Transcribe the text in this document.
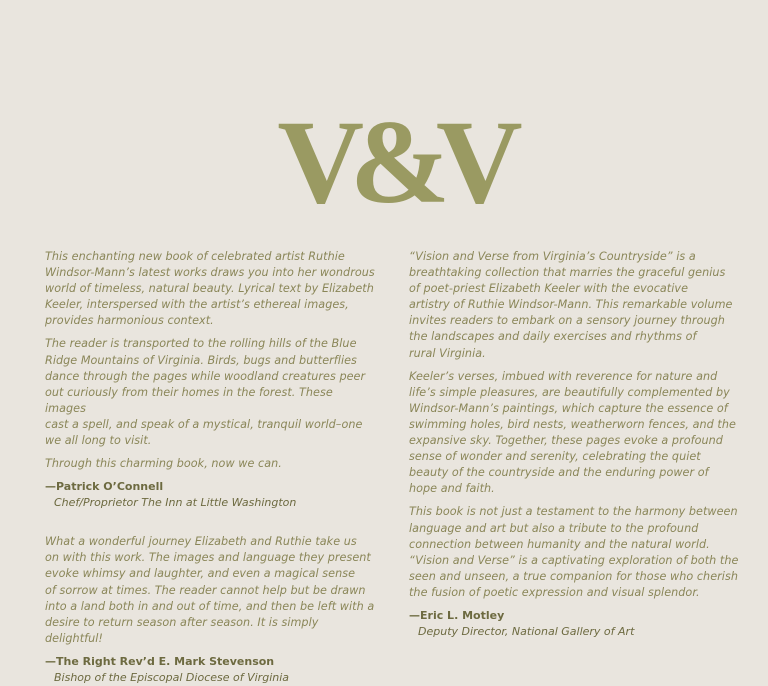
V&V

This enchanting new book of celebrated artist Ruthie
Windsor-Mann’s latest works draws you into her wondrous
world of timeless, natural beauty. Lyrical text by Elizabeth
Keeler, interspersed with the artist’s ethereal images,
provides harmonious context.

The reader is transported to the rolling hills of the Blue
Ridge Mountains of Virginia. Birds, bugs and butterflies
dance through the pages while woodland creatures peer
out curiously from their homes in the forest. These images
cast a spell, and speak of a mystical, tranquil world–one
we all long to visit.

Through this charming book, now we can.

—Patrick O’Connell

Chef/Proprietor The Inn at Little Washington

What a wonderful journey Elizabeth and Ruthie take us
on with this work. The images and language they present
evoke whimsy and laughter, and even a magical sense
of sorrow at times. The reader cannot help but be drawn
into a land both in and out of time, and then be left with a
desire to return season after season. It is simply delightful!

—The Right Rev’d E. Mark Stevenson

Bishop of the Episcopal Diocese of Virginia

“Vision and Verse from Virginia’s Countryside” is a
breathtaking collection that marries the graceful genius
of poet-priest Elizabeth Keeler with the evocative
artistry of Ruthie Windsor-Mann. This remarkable volume
invites readers to embark on a sensory journey through
the landscapes and daily exercises and rhythms of
rural Virginia.

Keeler’s verses, imbued with reverence for nature and
life’s simple pleasures, are beautifully complemented by
Windsor-Mann’s paintings, which capture the essence of
swimming holes, bird nests, weatherworn fences, and the
expansive sky. Together, these pages evoke a profound
sense of wonder and serenity, celebrating the quiet
beauty of the countryside and the enduring power of
hope and faith.

This book is not just a testament to the harmony between
language and art but also a tribute to the profound
connection between humanity and the natural world.
“Vision and Verse” is a captivating exploration of both the
seen and unseen, a true companion for those who cherish
the fusion of poetic expression and visual splendor.

—Eric L. Motley

Deputy Director, National Gallery of Art
